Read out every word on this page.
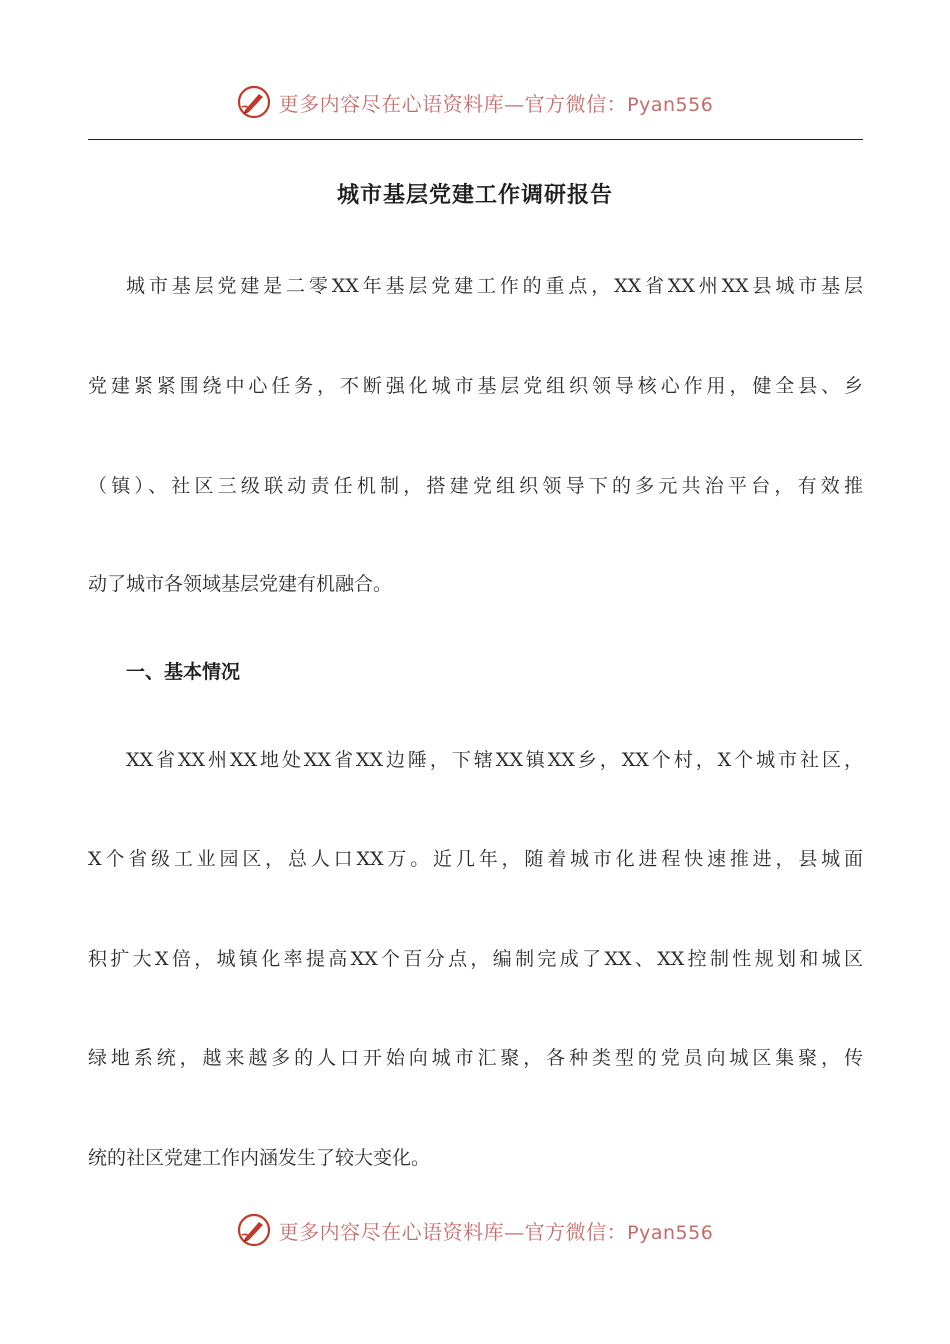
更多内容尽在心语资料库—官方微信：Pyan556
城市基层党建工作调研报告
城市基层党建是二零XX年基层党建工作的重点，XX省XX州XX县城市基层
党建紧紧围绕中心任务，不断强化城市基层党组织领导核心作用，健全县、乡
（镇）、社区三级联动责任机制，搭建党组织领导下的多元共治平台，有效推
动了城市各领域基层党建有机融合。
一、基本情况
XX省XX州XX地处XX省XX边陲，下辖XX镇XX乡，XX个村，X个城市社区，
X个省级工业园区，总人口XX万。近几年，随着城市化进程快速推进，县城面
积扩大X倍，城镇化率提高XX个百分点，编制完成了XX、XX控制性规划和城区
绿地系统，越来越多的人口开始向城市汇聚，各种类型的党员向城区集聚，传
统的社区党建工作内涵发生了较大变化。
更多内容尽在心语资料库—官方微信：Pyan556
